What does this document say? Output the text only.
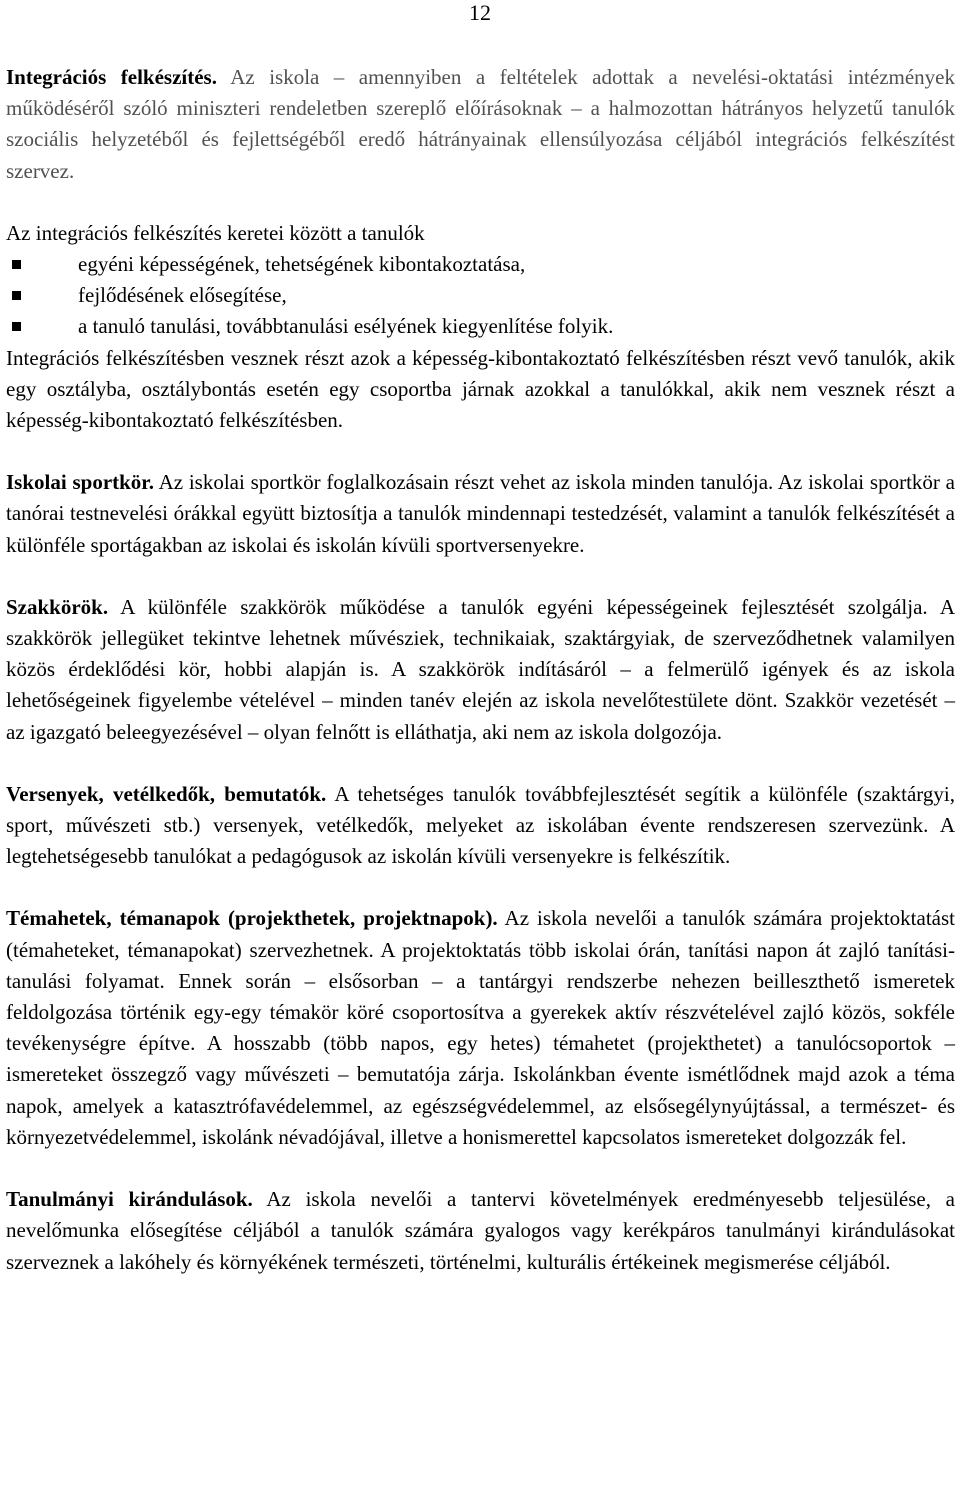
12

Integrációs felkészítés. Az iskola – amennyiben a feltételek adottak a nevelési-oktatási intézmények működéséről szóló miniszteri rendeletben szereplő előírásoknak – a halmozottan hátrányos helyzetű tanulók szociális helyzetéből és fejlettségéből eredő hátrányainak ellensúlyozása céljából integrációs felkészítést szervez.

Az integrációs felkészítés keretei között a tanulók

egyéni képességének, tehetségének kibontakoztatása,
fejlődésének elősegítése,
a tanuló tanulási, továbbtanulási esélyének kiegyenlítése folyik.

Integrációs felkészítésben vesznek részt azok a képesség-kibontakoztató felkészítésben részt vevő tanulók, akik egy osztályba, osztálybontás esetén egy csoportba járnak azokkal a tanulókkal, akik nem vesznek részt a képesség-kibontakoztató felkészítésben.

Iskolai sportkör. Az iskolai sportkör foglalkozásain részt vehet az iskola minden tanulója. Az iskolai sportkör a tanórai testnevelési órákkal együtt biztosítja a tanulók mindennapi testedzését, valamint a tanulók felkészítését a különféle sportágakban az iskolai és iskolán kívüli sportversenyekre.

Szakkörök. A különféle szakkörök működése a tanulók egyéni képességeinek fejlesztését szolgálja. A szakkörök jellegüket tekintve lehetnek művésziek, technikaiak, szaktárgyiak, de szerveződhetnek valamilyen közös érdeklődési kör, hobbi alapján is. A szakkörök indításáról – a felmerülő igények és az iskola lehetőségeinek figyelembe vételével – minden tanév elején az iskola nevelőtestülete dönt. Szakkör vezetését – az igazgató beleegyezésével – olyan felnőtt is elláthatja, aki nem az iskola dolgozója.

Versenyek, vetélkedők, bemutatók. A tehetséges tanulók továbbfejlesztését segítik a különféle (szaktárgyi, sport, művészeti stb.) versenyek, vetélkedők, melyeket az iskolában évente rendszeresen szervezünk. A legtehetségesebb tanulókat a pedagógusok az iskolán kívüli versenyekre is felkészítik.

Témahetek, témanapok (projekthetek, projektnapok). Az iskola nevelői a tanulók számára projektoktatást (témaheteket, témanapokat) szervezhetnek. A projektoktatás több iskolai órán, tanítási napon át zajló tanítási-tanulási folyamat. Ennek során – elsősorban – a tantárgyi rendszerbe nehezen beilleszthető ismeretek feldolgozása történik egy-egy témakör köré csoportosítva a gyerekek aktív részvételével zajló közös, sokféle tevékenységre építve. A hosszabb (több napos, egy hetes) témahetet (projekthetet) a tanulócsoportok – ismereteket összegző vagy művészeti – bemutatója zárja. Iskolánkban évente ismétlődnek majd azok a téma napok, amelyek a katasztrófavédelemmel, az egészségvédelemmel, az elsősegélynyújtással, a természet- és környezetvédelemmel, iskolánk névadójával, illetve a honismerettel kapcsolatos ismereteket dolgozzák fel.

Tanulmányi kirándulások. Az iskola nevelői a tantervi követelmények eredményesebb teljesülése, a nevelőmunka elősegítése céljából a tanulók számára gyalogos vagy kerékpáros tanulmányi kirándulásokat szerveznek a lakóhely és környékének természeti, történelmi, kulturális értékeinek megismerése céljából.
